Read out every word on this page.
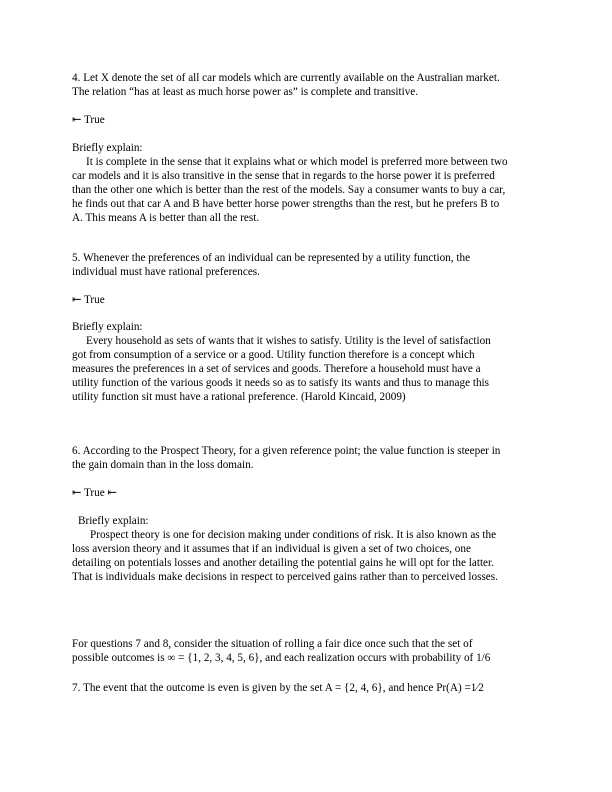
4. Let X denote the set of all car models which are currently available on the Australian market.

The relation “has at least as much horse power as” is complete and transitive.

⇤ True

Briefly explain:

It is complete in the sense that it explains what or which model is preferred more between two

car models and it is also transitive in the sense that in regards to the horse power it is preferred

than the other one which is better than the rest of the models. Say a consumer wants to buy a car,

he finds out that car A and B have better horse power strengths than the rest, but he prefers B to

A. This means A is better than all the rest.

5. Whenever the preferences of an individual can be represented by a utility function, the

individual must have rational preferences.

⇤ True

Briefly explain:

Every household as sets of wants that it wishes to satisfy. Utility is the level of satisfaction

got from consumption of a service or a good. Utility function therefore is a concept which

measures the preferences in a set of services and goods. Therefore a household must have a

utility function of the various goods it needs so as to satisfy its wants and thus to manage this

utility function sit must have a rational preference. (Harold Kincaid, 2009)

6. According to the Prospect Theory, for a given reference point; the value function is steeper in

the gain domain than in the loss domain.

⇤ True ⇤

Briefly explain:

Prospect theory is one for decision making under conditions of risk. It is also known as the

loss aversion theory and it assumes that if an individual is given a set of two choices, one

detailing on potentials losses and another detailing the potential gains he will opt for the latter.

That is individuals make decisions in respect to perceived gains rather than to perceived losses.

For questions 7 and 8, consider the situation of rolling a fair dice once such that the set of

possible outcomes is ∞ = {1, 2, 3, 4, 5, 6}, and each realization occurs with probability of 1/6

7. The event that the outcome is even is given by the set A = {2, 4, 6}, and hence Pr(A) =1⁄2
